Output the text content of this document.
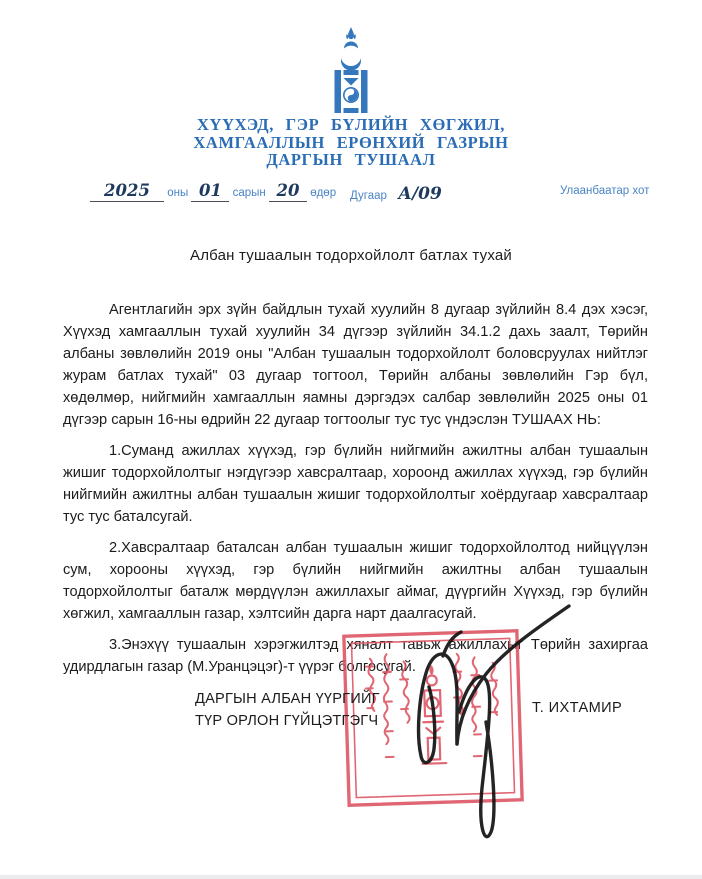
ХҮҮХЭД, ГЭР БҮЛИЙН ХӨГЖИЛ,
ХАМГААЛЛЫН ЕРӨНХИЙ ГАЗРЫН
ДАРГЫН ТУШААЛ
2025 оны 01 сарын 20 өдөр Дугаар А/09	Улаанбаатар хот
Албан тушаалын тодорхойлолт батлах тухай

Агентлагийн эрх зүйн байдлын тухай хуулийн 8 дугаар зүйлийн 8.4 дэх хэсэг, Хүүхэд хамгааллын тухай хуулийн 34 дүгээр зүйлийн 34.1.2 дахь заалт, Төрийн албаны зөвлөлийн 2019 оны "Албан тушаалын тодорхойлолт боловсруулах нийтлэг журам батлах тухай" 03 дугаар тогтоол, Төрийн албаны зөвлөлийн Гэр бүл, хөдөлмөр, нийгмийн хамгааллын яамны дэргэдэх салбар зөвлөлийн 2025 оны 01 дүгээр сарын 16-ны өдрийн 22 дугаар тогтоолыг тус тус үндэслэн ТУШААХ НЬ:

1.Суманд ажиллах хүүхэд, гэр бүлийн нийгмийн ажилтны албан тушаалын жишиг тодорхойлолтыг нэгдүгээр хавсралтаар, хороонд ажиллах хүүхэд, гэр бүлийн нийгмийн ажилтны албан тушаалын жишиг тодорхойлолтыг хоёрдугаар хавсралтаар тус тус баталсугай.

2.Хавсралтаар баталсан албан тушаалын жишиг тодорхойлолтод нийцүүлэн сум, хорооны хүүхэд, гэр бүлийн нийгмийн ажилтны албан тушаалын тодорхойлолтыг баталж мөрдүүлэн ажиллахыг аймаг, дүүргийн Хүүхэд, гэр бүлийн хөгжил, хамгааллын газар, хэлтсийн дарга нарт даалгасугай.

3.Энэхүү тушаалын хэрэгжилтэд хяналт тавьж ажиллахыг Төрийн захиргаа удирдлагын газар (М.Уранцэцэг)-т үүрэг болгосугай.

ДАРГЫН АЛБАН ҮҮРГИЙГ
ТҮР ОРЛОН ГҮЙЦЭТГЭГЧ
Т. ИХТАМИР
